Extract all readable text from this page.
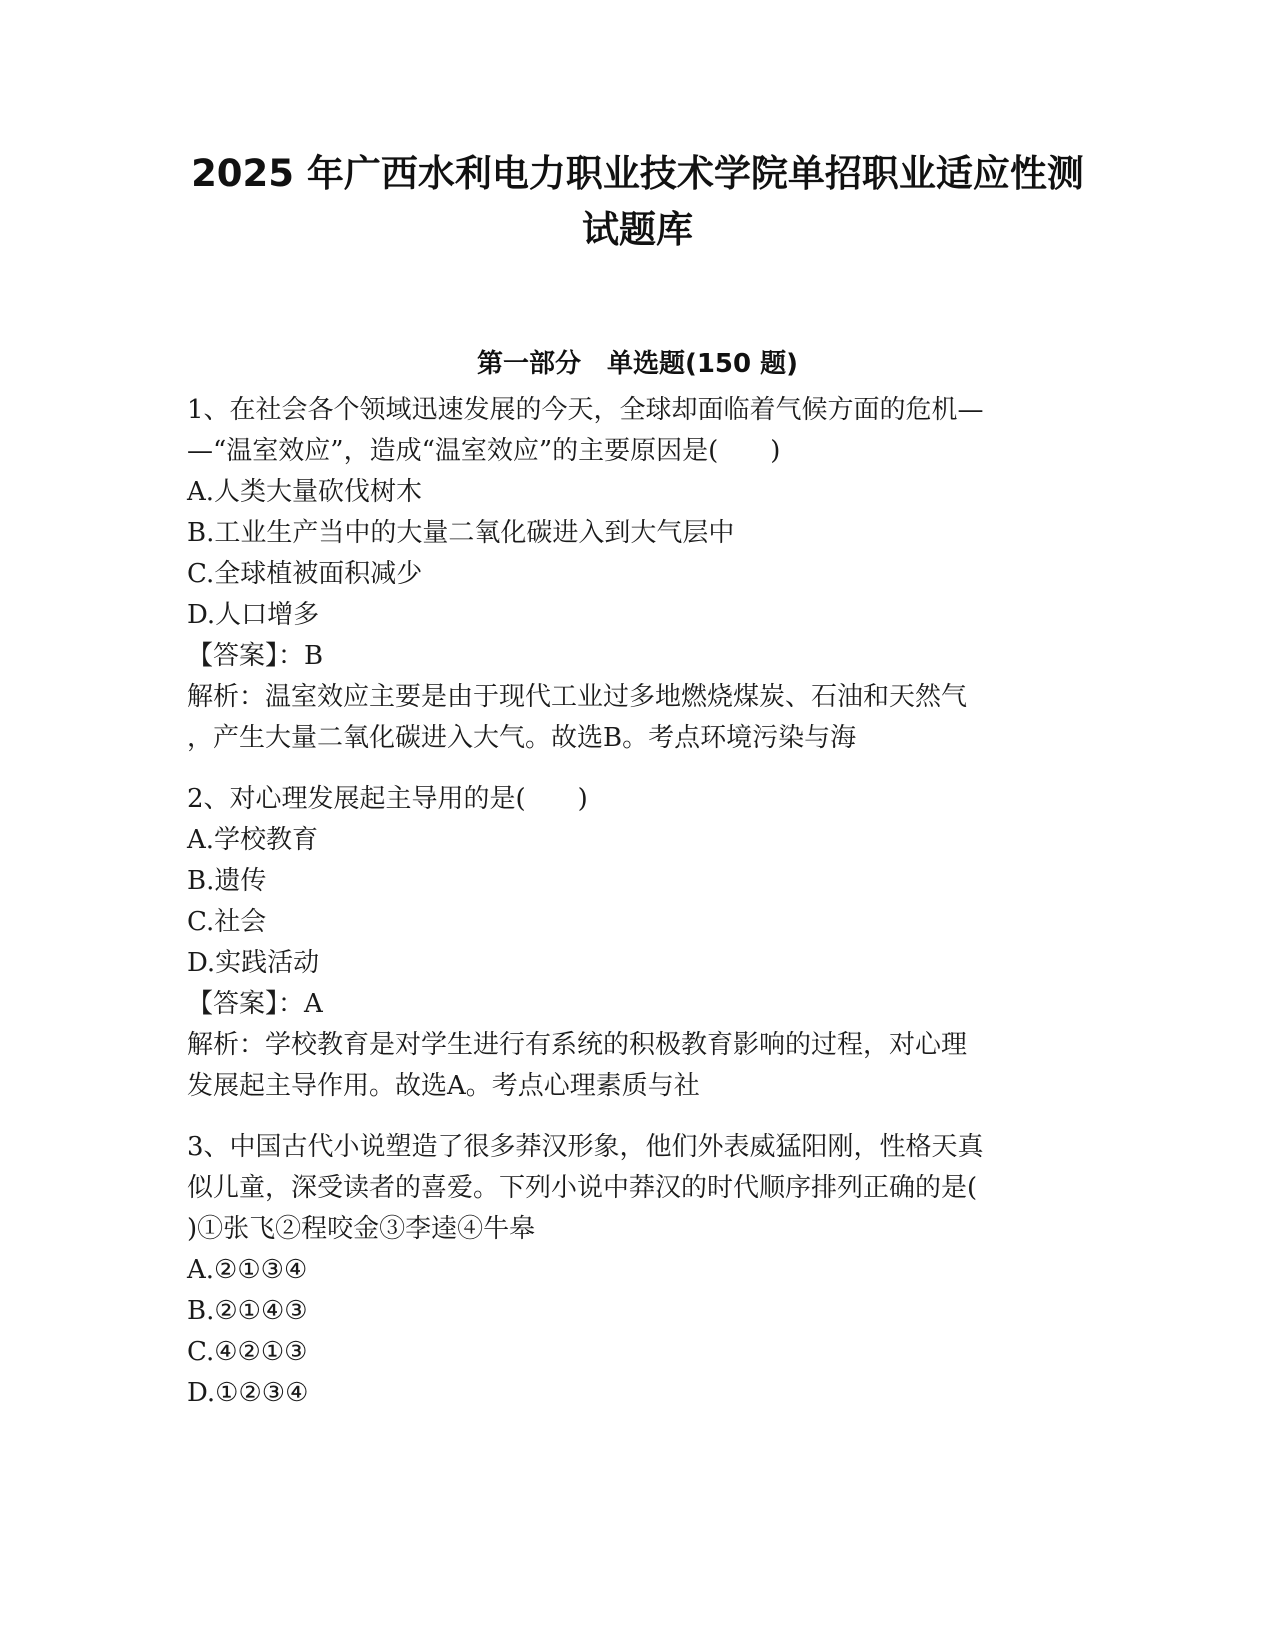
2025 年广西水利电力职业技术学院单招职业适应性测
试题库
第一部分　单选题(150 题)
1、在社会各个领域迅速发展的今天，全球却面临着气候方面的危机—
—“温室效应”，造成“温室效应”的主要原因是(　　)
A.人类大量砍伐树木
B.工业生产当中的大量二氧化碳进入到大气层中
C.全球植被面积减少
D.人口增多
【答案】：B
解析：温室效应主要是由于现代工业过多地燃烧煤炭、石油和天然气
，产生大量二氧化碳进入大气。故选B。考点环境污染与海
2、对心理发展起主导用的是(　　)
A.学校教育
B.遗传
C.社会
D.实践活动
【答案】：A
解析：学校教育是对学生进行有系统的积极教育影响的过程，对心理
发展起主导作用。故选A。考点心理素质与社
3、中国古代小说塑造了很多莽汉形象，他们外表威猛阳刚，性格天真
似儿童，深受读者的喜爱。下列小说中莽汉的时代顺序排列正确的是(
)①张飞②程咬金③李逵④牛皋
A.②①③④
B.②①④③
C.④②①③
D.①②③④
